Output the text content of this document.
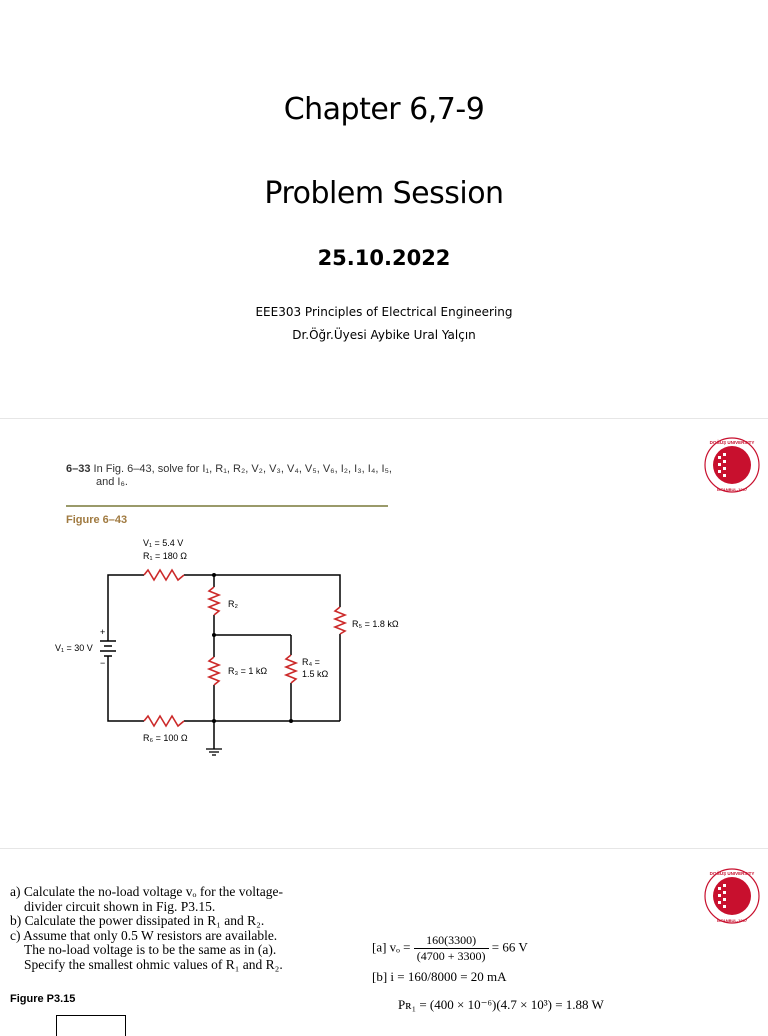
Chapter 6,7-9
Problem Session
25.10.2022
EEE303 Principles of Electrical Engineering
Dr.Öğr.Üyesi Aybike Ural Yalçın
6–33 In Fig. 6–43, solve for I₁, R₁, R₂, V₂, V₃, V₄, V₅, V₆, I₂, I₃, I₄, I₅,
and I₆.
Figure 6–43
V₁ = 5.4 V
R₁ = 180 Ω
V₁ = 30 V
+
−
R₂
R₃ = 1 kΩ
R₄ =
1.5 kΩ
R₅ = 1.8 kΩ
R₆ = 100 Ω
DOĞUŞ UNIVERSITY
İSTANBUL-1997
a) Calculate the no-load voltage vₒ for the voltage-
divider circuit shown in Fig. P3.15.
b) Calculate the power dissipated in R₁ and R₂.
c) Assume that only 0.5 W resistors are available.
The no-load voltage is to be the same as in (a).
Specify the smallest ohmic values of R₁ and R₂.
Figure P3.15
[a] $v_o = \frac{160(3300)}{(4700 + 3300)} = 66$ V
[b] i = 160/8000 = 20 mA
Pʀ₁ = (400 × 10⁻⁶)(4.7 × 10³) = 1.88 W
DOĞUŞ UNIVERSITY
İSTANBUL-1997
